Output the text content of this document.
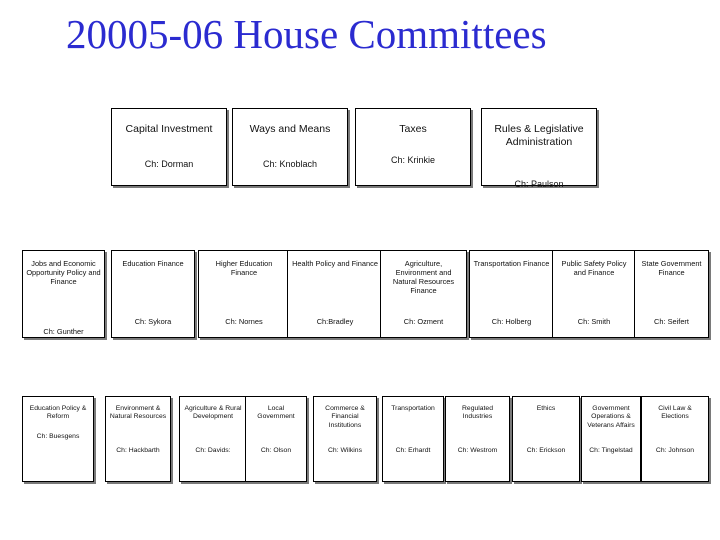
20005-06 House Committees
Capital Investment
Ch: Dorman
Ways and Means
Ch: Knoblach
Taxes
Ch: Krinkie
Rules & Legislative Administration
Ch: Paulson
Jobs and Economic Opportunity Policy and Finance
Ch: Gunther
Education Finance
Ch: Sykora
Higher Education Finance
Ch: Nornes
Health Policy and Finance
Ch:Bradley
Agriculture, Environment and Natural Resources Finance
Ch: Ozment
Transportation Finance
Ch: Holberg
Public Safety Policy and Finance
Ch: Smith
State Government Finance
Ch: Seifert
Education Policy & Reform
Ch: Buesgens
Environment & Natural Resources
Ch: Hackbarth
Agriculture & Rural Development
Ch: Davids:
Local Government
Ch: Olson
Commerce & Financial Institutions
Ch: Wilkins
Transportation
Ch: Erhardt
Regulated Industries
Ch: Westrom
Ethics
Ch: Erickson
Government Operations & Veterans Affairs
Ch: Tingelstad
Civil Law & Elections
Ch: Johnson
